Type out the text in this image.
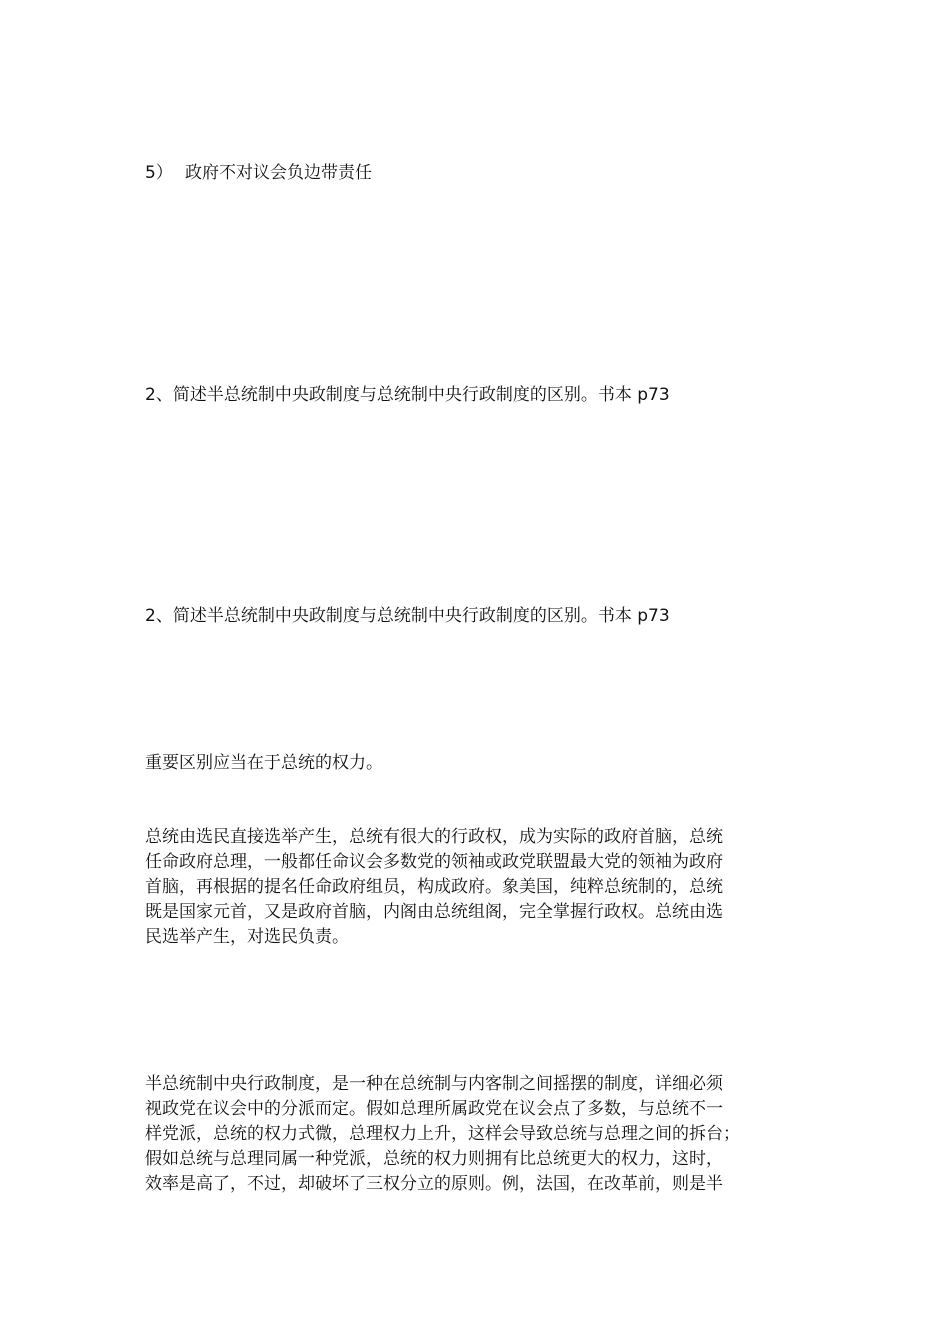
5） 政府不对议会负边带责任
2、简述半总统制中央政制度与总统制中央行政制度的区别。书本 p73
2、简述半总统制中央政制度与总统制中央行政制度的区别。书本 p73
重要区别应当在于总统的权力。
总统由选民直接选举产生，总统有很大的行政权，成为实际的政府首脑，总统
任命政府总理，一般都任命议会多数党的领袖或政党联盟最大党的领袖为政府
首脑，再根据的提名任命政府组员，构成政府。象美国，纯粹总统制的，总统
既是国家元首，又是政府首脑，内阁由总统组阁，完全掌握行政权。总统由选
民选举产生，对选民负责。
半总统制中央行政制度，是一种在总统制与内客制之间摇摆的制度，详细必须
视政党在议会中的分派而定。假如总理所属政党在议会点了多数，与总统不一
样党派，总统的权力式微，总理权力上升，这样会导致总统与总理之间的拆台；
假如总统与总理同属一种党派，总统的权力则拥有比总统更大的权力，这时，
效率是高了，不过，却破坏了三权分立的原则。例，法国，在改革前，则是半
